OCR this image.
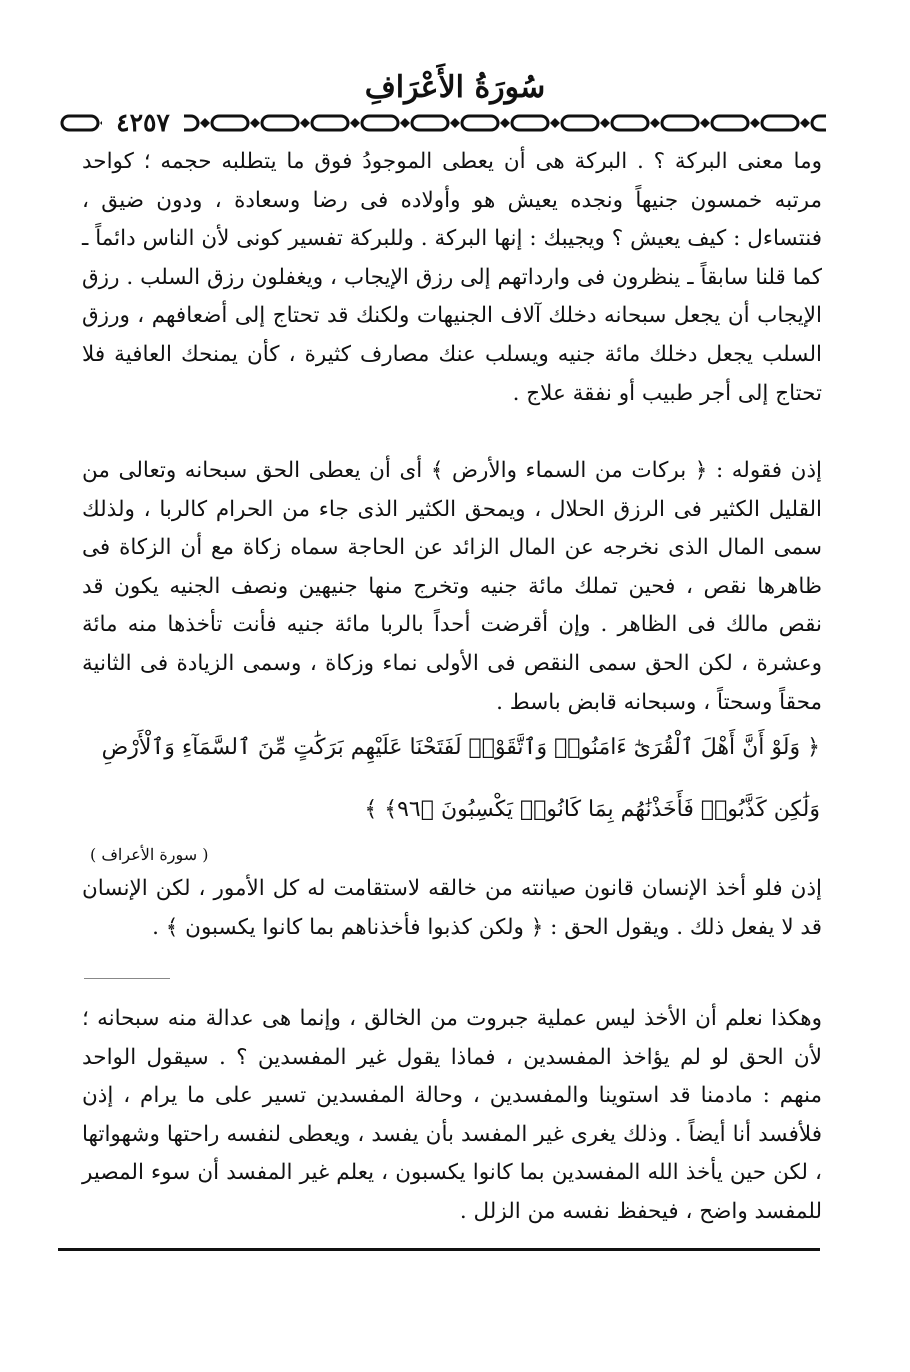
سُورَةُ الأَعْرَافِ
٤٢٥٧
وما معنى البركة ؟ . البركة هى أن يعطى الموجودُ فوق ما يتطلبه حجمه ؛ كواحد مرتبه خمسون جنيهاً ونجده يعيش هو وأولاده فى رضا وسعادة ، ودون ضيق ، فنتساءل : كيف يعيش ؟ ويجيبك : إنها البركة . وللبركة تفسير كونى لأن الناس دائماً ـ كما قلنا سابقاً ـ ينظرون فى وارداتهم إلى رزق الإيجاب ، ويغفلون رزق السلب . رزق الإيجاب أن يجعل سبحانه دخلك آلاف الجنيهات ولكنك قد تحتاج إلى أضعافهم ، ورزق السلب يجعل دخلك مائة جنيه ويسلب عنك مصارف كثيرة ، كأن يمنحك العافية فلا تحتاج إلى أجر طبيب أو نفقة علاج .
إذن فقوله : ﴿ بركات من السماء والأرض ﴾ أى أن يعطى الحق سبحانه وتعالى من القليل الكثير فى الرزق الحلال ، ويمحق الكثير الذى جاء من الحرام كالربا ، ولذلك سمى المال الذى نخرجه عن المال الزائد عن الحاجة سماه زكاة مع أن الزكاة فى ظاهرها نقص ، فحين تملك مائة جنيه وتخرج منها جنيهين ونصف الجنيه يكون قد نقص مالك فى الظاهر . وإن أقرضت أحداً بالربا مائة جنيه فأنت تأخذها منه مائة وعشرة ، لكن الحق سمى النقص فى الأولى نماء وزكاة ، وسمى الزيادة فى الثانية محقاً وسحتاً ، وسبحانه قابض باسط .
﴿ وَلَوْ أَنَّ أَهْلَ ٱلْقُرَىٰٓ ءَامَنُوا۟ وَٱتَّقَوْا۟ لَفَتَحْنَا عَلَيْهِم بَرَكَٰتٍ مِّنَ ٱلسَّمَآءِ وَٱلْأَرْضِ
وَلَٰكِن كَذَّبُوا۟ فَأَخَذْنَٰهُم بِمَا كَانُوا۟ يَكْسِبُونَ ﴿٩٦﴾ ﴾
( سورة الأعراف )
إذن فلو أخذ الإنسان قانون صيانته من خالقه لاستقامت له كل الأمور ، لكن الإنسان قد لا يفعل ذلك . ويقول الحق : ﴿ ولكن كذبوا فأخذناهم بما كانوا يكسبون ﴾ .
وهكذا نعلم أن الأخذ ليس عملية جبروت من الخالق ، وإنما هى عدالة منه سبحانه ؛ لأن الحق لو لم يؤاخذ المفسدين ، فماذا يقول غير المفسدين ؟ . سيقول الواحد منهم : مادمنا قد استوينا والمفسدين ، وحالة المفسدين تسير على ما يرام ، إذن فلأفسد أنا أيضاً . وذلك يغرى غير المفسد بأن يفسد ، ويعطى لنفسه راحتها وشهواتها ، لكن حين يأخذ الله المفسدين بما كانوا يكسبون ، يعلم غير المفسد أن سوء المصير للمفسد واضح ، فيحفظ نفسه من الزلل .
